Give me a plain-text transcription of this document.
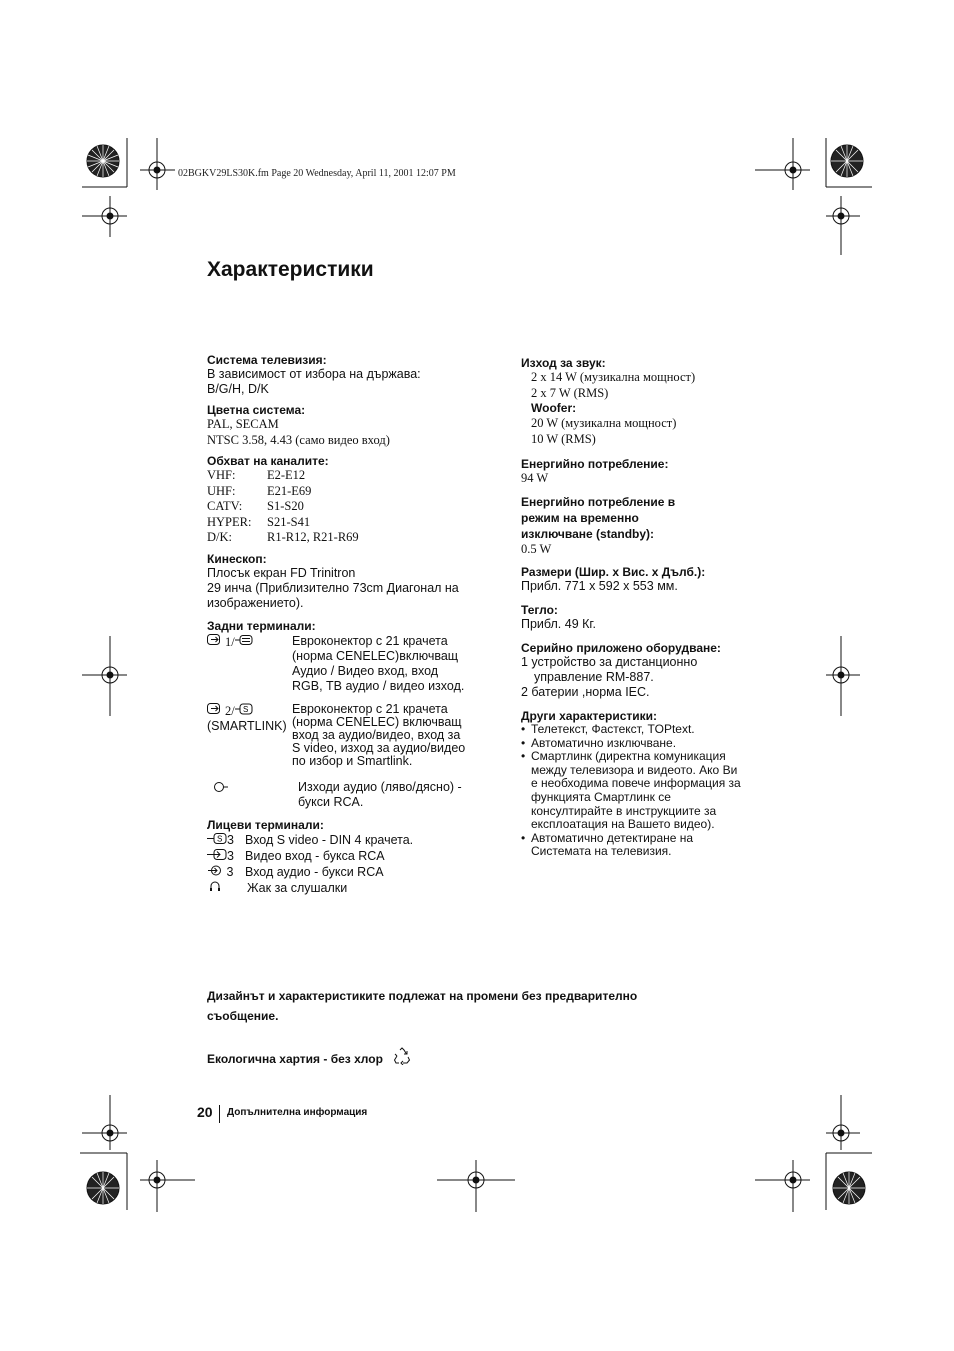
02BGKV29LS30K.fm Page 20 Wednesday, April 11, 2001 12:07 PM
Характеристики
Система телевизия:
В зависимост от избора на държава:
B/G/H, D/K
Цветна система:
PAL, SECAM
NTSC 3.58, 4.43 (само видео вход)
Обхват на каналите:
VHF:	E2-E12
UHF:	E21-E69
CATV:	S1-S20
HYPER:	S21-S41
D/K:	R1-R12, R21-R69
Кинескоп:
Плосък екран FD Trinitron
29 инча (Приблизително 73cm Диагонал на
изображението).
Задни терминали:
1/	Евроконектор с 21 крачета
(норма CENELEC)включващ
Аудио / Видео вход, вход
RGB, ТВ аудио / видео изход.
2/ S
(SMARTLINK)
Евроконектор с 21 крачета
(норма CENELEC) включващ
вход за аудио/видео, вход за
S video, изход за аудио/видео
по избор и Smartlink.
Изходи аудио (ляво/дясно) -
букси RCA.
Лицеви терминали:
S 3 Вход S video - DIN 4 крачета.
3 Видео вход - букса RCA
3 Вход аудио - букси RCA
Жак за слушалки
Изход за звук:
2 x 14 W (музикална мощност)
2 x 7 W (RMS)
Woofer:
20 W (музикална мощност)
10 W (RMS)
Енергийно потребление:
94 W
Енергийно потребление в
режим на временно
изключване (standby):
0.5 W
Размери (Шир. x Вис. x Дълб.):
Прибл. 771 x 592 x 553 мм.
Тегло:
Прибл. 49 Кг.
Серийно приложено оборудване:
1 устройство за дистанционно
управление RM-887.
2 батерии ,норма IEC.
Други характеристики:
• Телетекст, Фастекст, TOPtext.
• Автоматично изключване.
• Смартлинк (директна комуникация между телевизора и видеото. Ако Ви е необходима повече информация за функцията Смартлинк се консултирайте в инструкциите за експлоатация на Вашето видео).
• Автоматично детектиране на Системата на телевизия.
Дизайнът и характеристиките подлежат на промени без предварително
съобщение.
Екологична хартия - без хлор
20 Допълнителна информация
